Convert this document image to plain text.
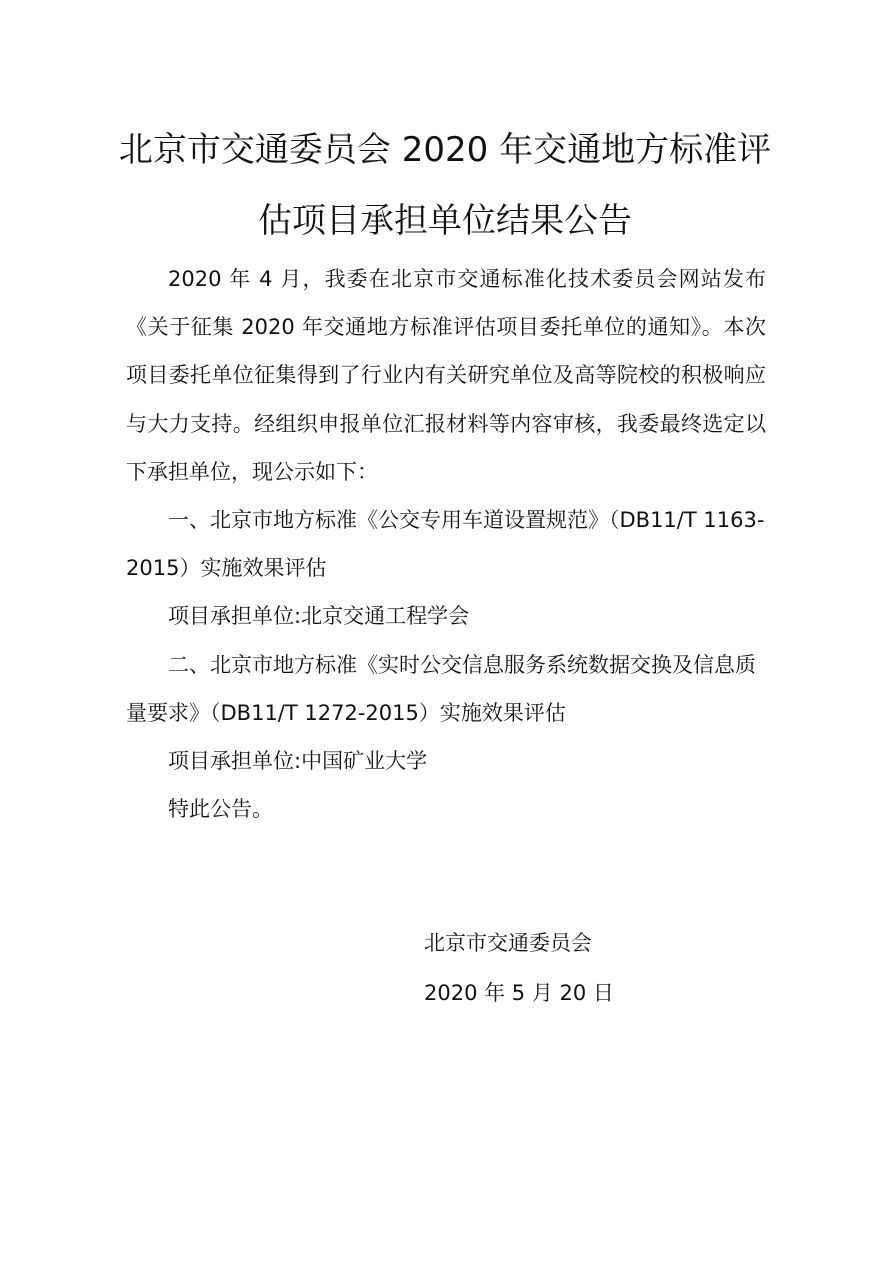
北京市交通委员会 2020 年交通地方标准评
估项目承担单位结果公告

2020 年 4 月，我委在北京市交通标准化技术委员会网站发布《关于征集 2020 年交通地方标准评估项目委托单位的通知》。本次项目委托单位征集得到了行业内有关研究单位及高等院校的积极响应与大力支持。经组织申报单位汇报材料等内容审核，我委最终选定以下承担单位，现公示如下：

一、北京市地方标准《公交专用车道设置规范》（DB11/T 1163-2015）实施效果评估

项目承担单位:北京交通工程学会

二、北京市地方标准《实时公交信息服务系统数据交换及信息质量要求》（DB11/T 1272-2015）实施效果评估

项目承担单位:中国矿业大学

特此公告。

北京市交通委员会
2020 年 5 月 20 日
